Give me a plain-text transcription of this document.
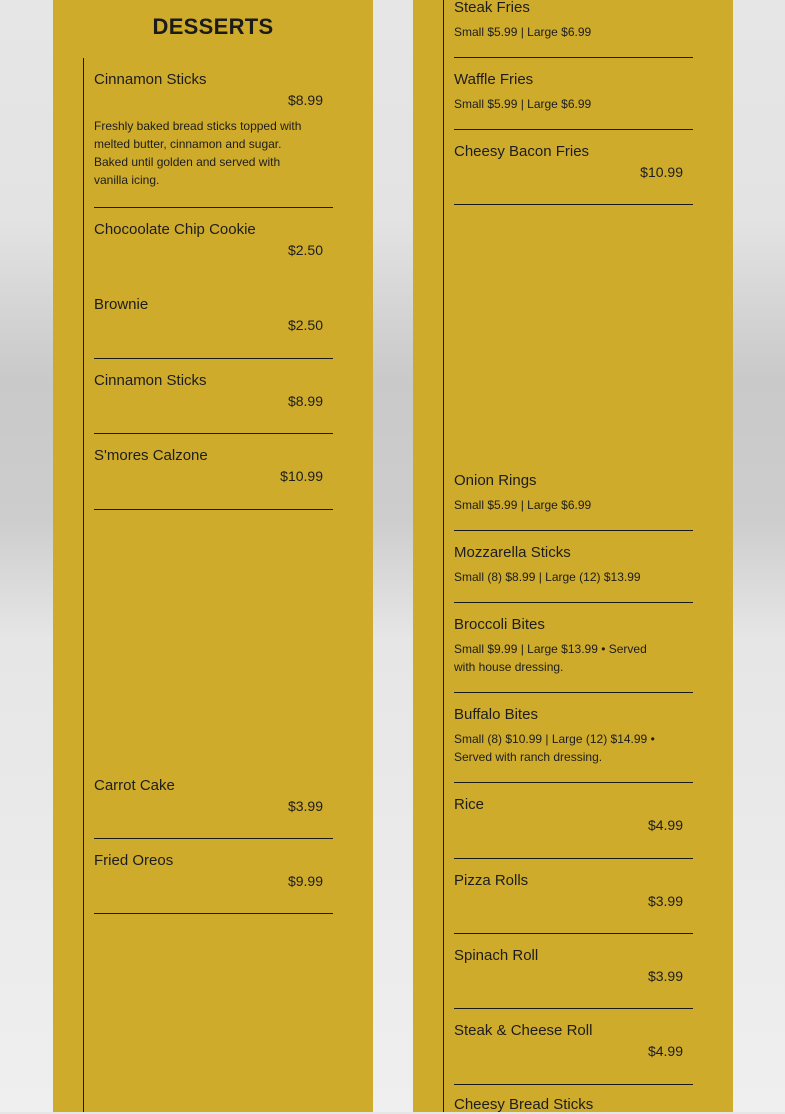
DESSERTS
Cinnamon Sticks
$8.99
Freshly baked bread sticks topped with
melted butter, cinnamon and sugar.
Baked until golden and served with
vanilla icing.
Chocoolate Chip Cookie
$2.50
Brownie
$2.50
Cinnamon Sticks
$8.99
S'mores Calzone
$10.99
Carrot Cake
$3.99
Fried Oreos
$9.99
Steak Fries
Small $5.99 | Large $6.99
Waffle Fries
Small $5.99 | Large $6.99
Cheesy Bacon Fries
$10.99
Onion Rings
Small $5.99 | Large $6.99
Mozzarella Sticks
Small (8) $8.99 | Large (12) $13.99
Broccoli Bites
Small $9.99 | Large $13.99 • Served
with house dressing.
Buffalo Bites
Small (8) $10.99 | Large (12) $14.99 •
Served with ranch dressing.
Rice
$4.99
Pizza Rolls
$3.99
Spinach Roll
$3.99
Steak & Cheese Roll
$4.99
Cheesy Bread Sticks
